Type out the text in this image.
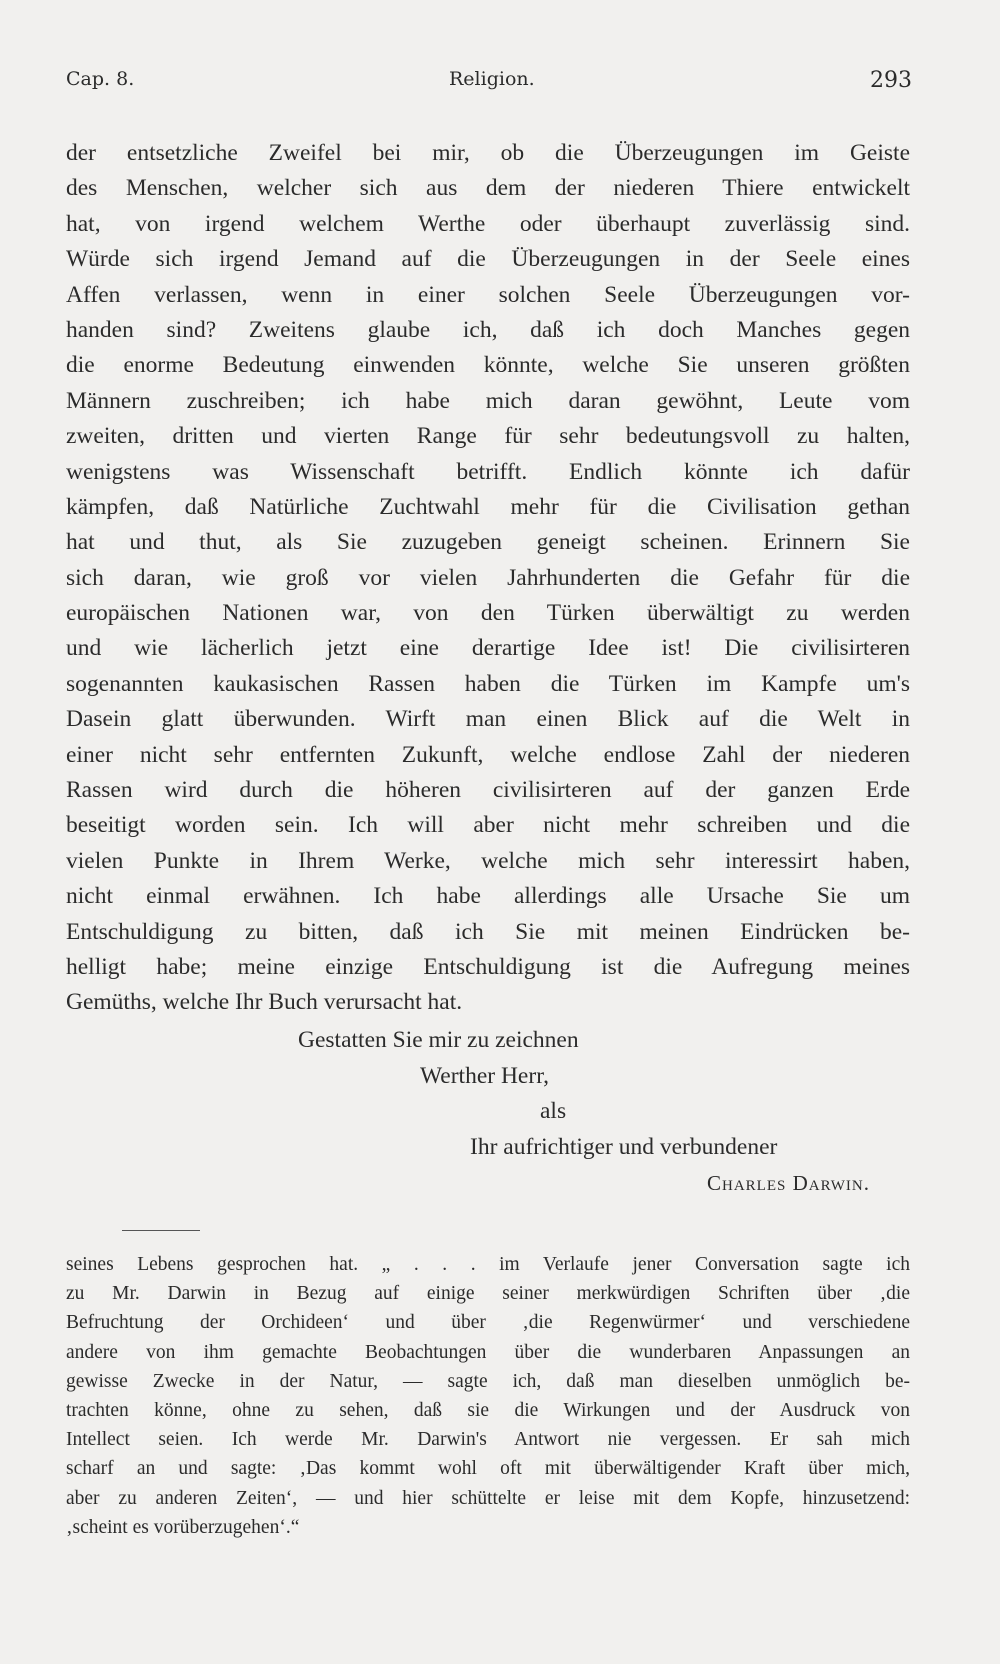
Cap. 8.	Religion.	293
der entsetzliche Zweifel bei mir, ob die Überzeugungen im Geiste
des Menschen, welcher sich aus dem der niederen Thiere entwickelt
hat, von irgend welchem Werthe oder überhaupt zuverlässig sind.
Würde sich irgend Jemand auf die Überzeugungen in der Seele eines
Affen verlassen, wenn in einer solchen Seele Überzeugungen vor-
handen sind? Zweitens glaube ich, daß ich doch Manches gegen
die enorme Bedeutung einwenden könnte, welche Sie unseren größten
Männern zuschreiben; ich habe mich daran gewöhnt, Leute vom
zweiten, dritten und vierten Range für sehr bedeutungsvoll zu halten,
wenigstens was Wissenschaft betrifft. Endlich könnte ich dafür
kämpfen, daß Natürliche Zuchtwahl mehr für die Civilisation gethan
hat und thut, als Sie zuzugeben geneigt scheinen. Erinnern Sie
sich daran, wie groß vor vielen Jahrhunderten die Gefahr für die
europäischen Nationen war, von den Türken überwältigt zu werden
und wie lächerlich jetzt eine derartige Idee ist! Die civilisirteren
sogenannten kaukasischen Rassen haben die Türken im Kampfe um's
Dasein glatt überwunden. Wirft man einen Blick auf die Welt in
einer nicht sehr entfernten Zukunft, welche endlose Zahl der niederen
Rassen wird durch die höheren civilisirteren auf der ganzen Erde
beseitigt worden sein. Ich will aber nicht mehr schreiben und die
vielen Punkte in Ihrem Werke, welche mich sehr interessirt haben,
nicht einmal erwähnen. Ich habe allerdings alle Ursache Sie um
Entschuldigung zu bitten, daß ich Sie mit meinen Eindrücken be-
helligt habe; meine einzige Entschuldigung ist die Aufregung meines
Gemüths, welche Ihr Buch verursacht hat.
Gestatten Sie mir zu zeichnen
Werther Herr,
als
Ihr aufrichtiger und verbundener
Charles Darwin.
seines Lebens gesprochen hat. „ . . . im Verlaufe jener Conversation sagte ich
zu Mr. Darwin in Bezug auf einige seiner merkwürdigen Schriften über ‚die
Befruchtung der Orchideen‘ und über ‚die Regenwürmer‘ und verschiedene
andere von ihm gemachte Beobachtungen über die wunderbaren Anpassungen an
gewisse Zwecke in der Natur, — sagte ich, daß man dieselben unmöglich be-
trachten könne, ohne zu sehen, daß sie die Wirkungen und der Ausdruck von
Intellect seien. Ich werde Mr. Darwin's Antwort nie vergessen. Er sah mich
scharf an und sagte: ‚Das kommt wohl oft mit überwältigender Kraft über mich,
aber zu anderen Zeiten‘, — und hier schüttelte er leise mit dem Kopfe, hinzusetzend:
‚scheint es vorüberzugehen‘.“
